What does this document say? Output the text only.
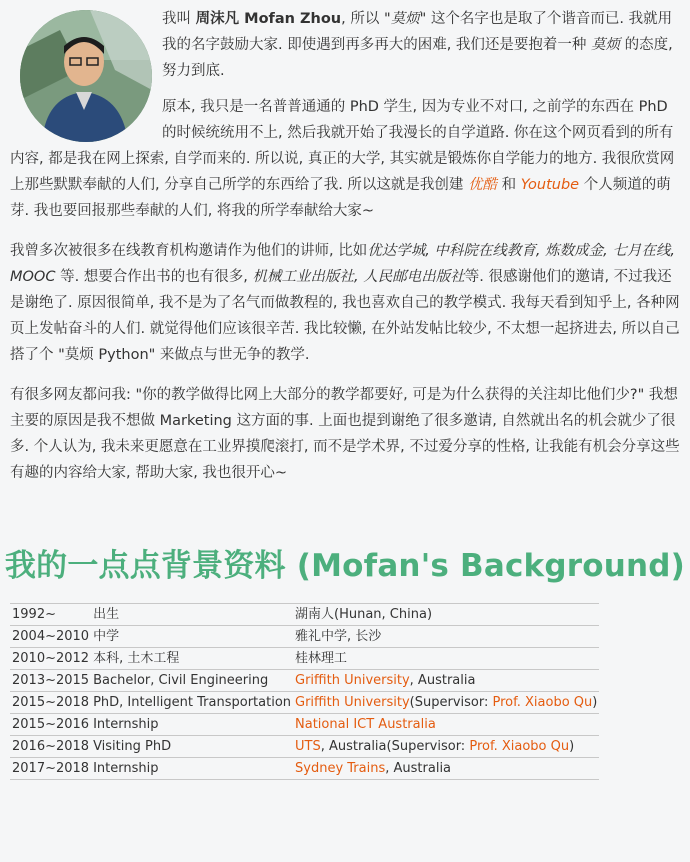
我叫 周沫凡 Mofan Zhou, 所以 "莫烦" 这个名字也是取了个谐音而已. 我就用我的名字鼓励大家. 即使遇到再多再大的困难, 我们还是要抱着一种 莫烦 的态度, 努力到底.

原本, 我只是一名普普通通的 PhD 学生, 因为专业不对口, 之前学的东西在 PhD 的时候统统用不上, 然后我就开始了我漫长的自学道路. 你在这个网页看到的所有内容, 都是我在网上探索, 自学而来的. 所以说, 真正的大学, 其实就是锻炼你自学能力的地方. 我很欣赏网上那些默默奉献的人们, 分享自己所学的东西给了我. 所以这就是我创建 优酷 和 Youtube 个人频道的萌芽. 我也要回报那些奉献的人们, 将我的所学奉献给大家~

我曾多次被很多在线教育机构邀请作为他们的讲师, 比如优达学城, 中科院在线教育, 炼数成金, 七月在线, MOOC 等. 想要合作出书的也有很多, 机械工业出版社, 人民邮电出版社等. 很感谢他们的邀请, 不过我还是谢绝了. 原因很简单, 我不是为了名气而做教程的, 我也喜欢自己的教学模式. 我每天看到知乎上, 各种网页上发帖奋斗的人们. 就觉得他们应该很辛苦. 我比较懒, 在外站发帖比较少, 不太想一起挤进去, 所以自己搭了个 "莫烦 Python" 来做点与世无争的教学.

有很多网友都问我: "你的教学做得比网上大部分的教学都要好, 可是为什么获得的关注却比他们少?" 我想主要的原因是我不想做 Marketing 这方面的事. 上面也提到谢绝了很多邀请, 自然就出名的机会就少了很多. 个人认为, 我未来更愿意在工业界摸爬滚打, 而不是学术界, 不过爱分享的性格, 让我能有机会分享这些有趣的内容给大家, 帮助大家, 我也很开心~

我的一点点背景资料 (Mofan's Background)
1992~	出生	湖南人(Hunan, China)
2004~2010	中学	雅礼中学, 长沙
2010~2012	本科, 土木工程	桂林理工
2013~2015	Bachelor, Civil Engineering	Griffith University, Australia
2015~2018	PhD, Intelligent Transportation	Griffith University(Supervisor: Prof. Xiaobo Qu)
2015~2016	Internship	National ICT Australia
2016~2018	Visiting PhD	UTS, Australia(Supervisor: Prof. Xiaobo Qu)
2017~2018	Internship	Sydney Trains, Australia
